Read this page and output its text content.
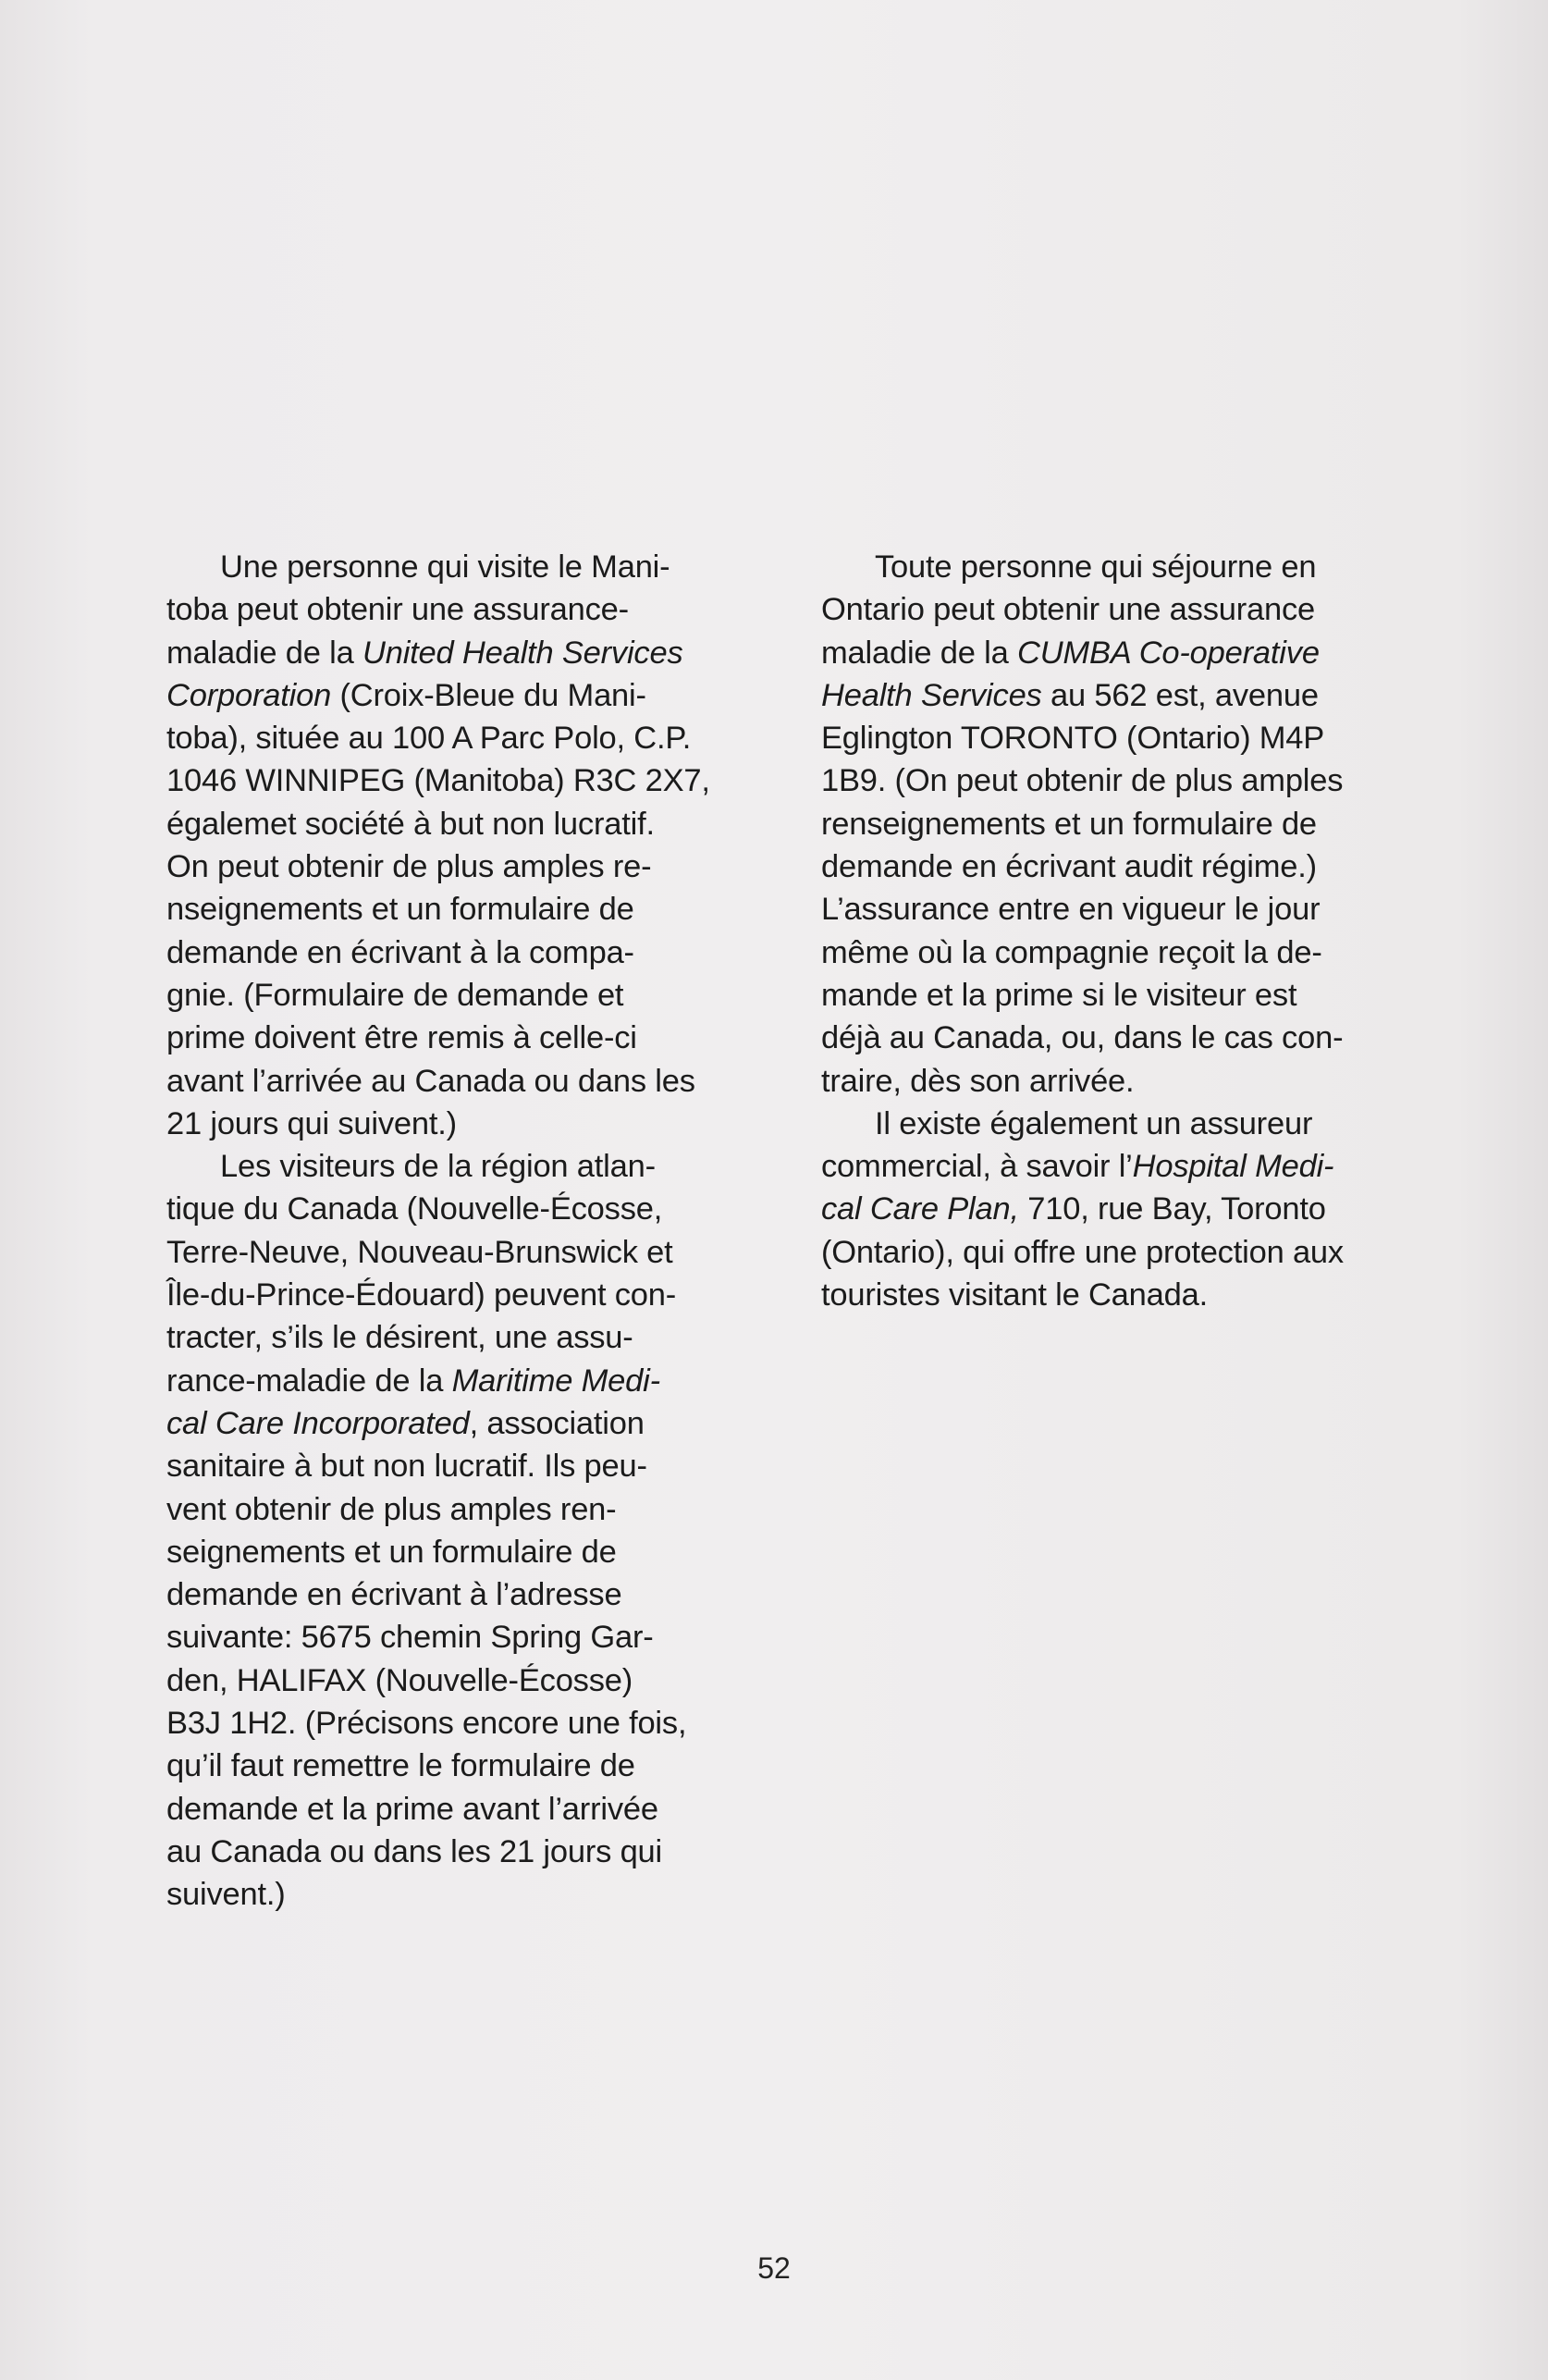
Une personne qui visite le Mani-
toba peut obtenir une assurance-
maladie de la United Health Services
Corporation (Croix-Bleue du Mani-
toba), située au 100 A Parc Polo, C.P.
1046 WINNIPEG (Manitoba) R3C 2X7,
égalemet société à but non lucratif.
On peut obtenir de plus amples re-
nseignements et un formulaire de
demande en écrivant à la compa-
gnie. (Formulaire de demande et
prime doivent être remis à celle-ci
avant l’arrivée au Canada ou dans les
21 jours qui suivent.)
Les visiteurs de la région atlan-
tique du Canada (Nouvelle-Écosse,
Terre-Neuve, Nouveau-Brunswick et
Île-du-Prince-Édouard) peuvent con-
tracter, s’ils le désirent, une assu-
rance-maladie de la Maritime Medi-
cal Care Incorporated, association
sanitaire à but non lucratif. Ils peu-
vent obtenir de plus amples ren-
seignements et un formulaire de
demande en écrivant à l’adresse
suivante: 5675 chemin Spring Gar-
den, HALIFAX (Nouvelle-Écosse)
B3J 1H2. (Précisons encore une fois,
qu’il faut remettre le formulaire de
demande et la prime avant l’arrivée
au Canada ou dans les 21 jours qui
suivent.)
Toute personne qui séjourne en
Ontario peut obtenir une assurance
maladie de la CUMBA Co-operative
Health Services au 562 est, avenue
Eglington TORONTO (Ontario) M4P
1B9. (On peut obtenir de plus amples
renseignements et un formulaire de
demande en écrivant audit régime.)
L’assurance entre en vigueur le jour
même où la compagnie reçoit la de-
mande et la prime si le visiteur est
déjà au Canada, ou, dans le cas con-
traire, dès son arrivée.
Il existe également un assureur
commercial, à savoir l’Hospital Medi-
cal Care Plan, 710, rue Bay, Toronto
(Ontario), qui offre une protection aux
touristes visitant le Canada.
52
